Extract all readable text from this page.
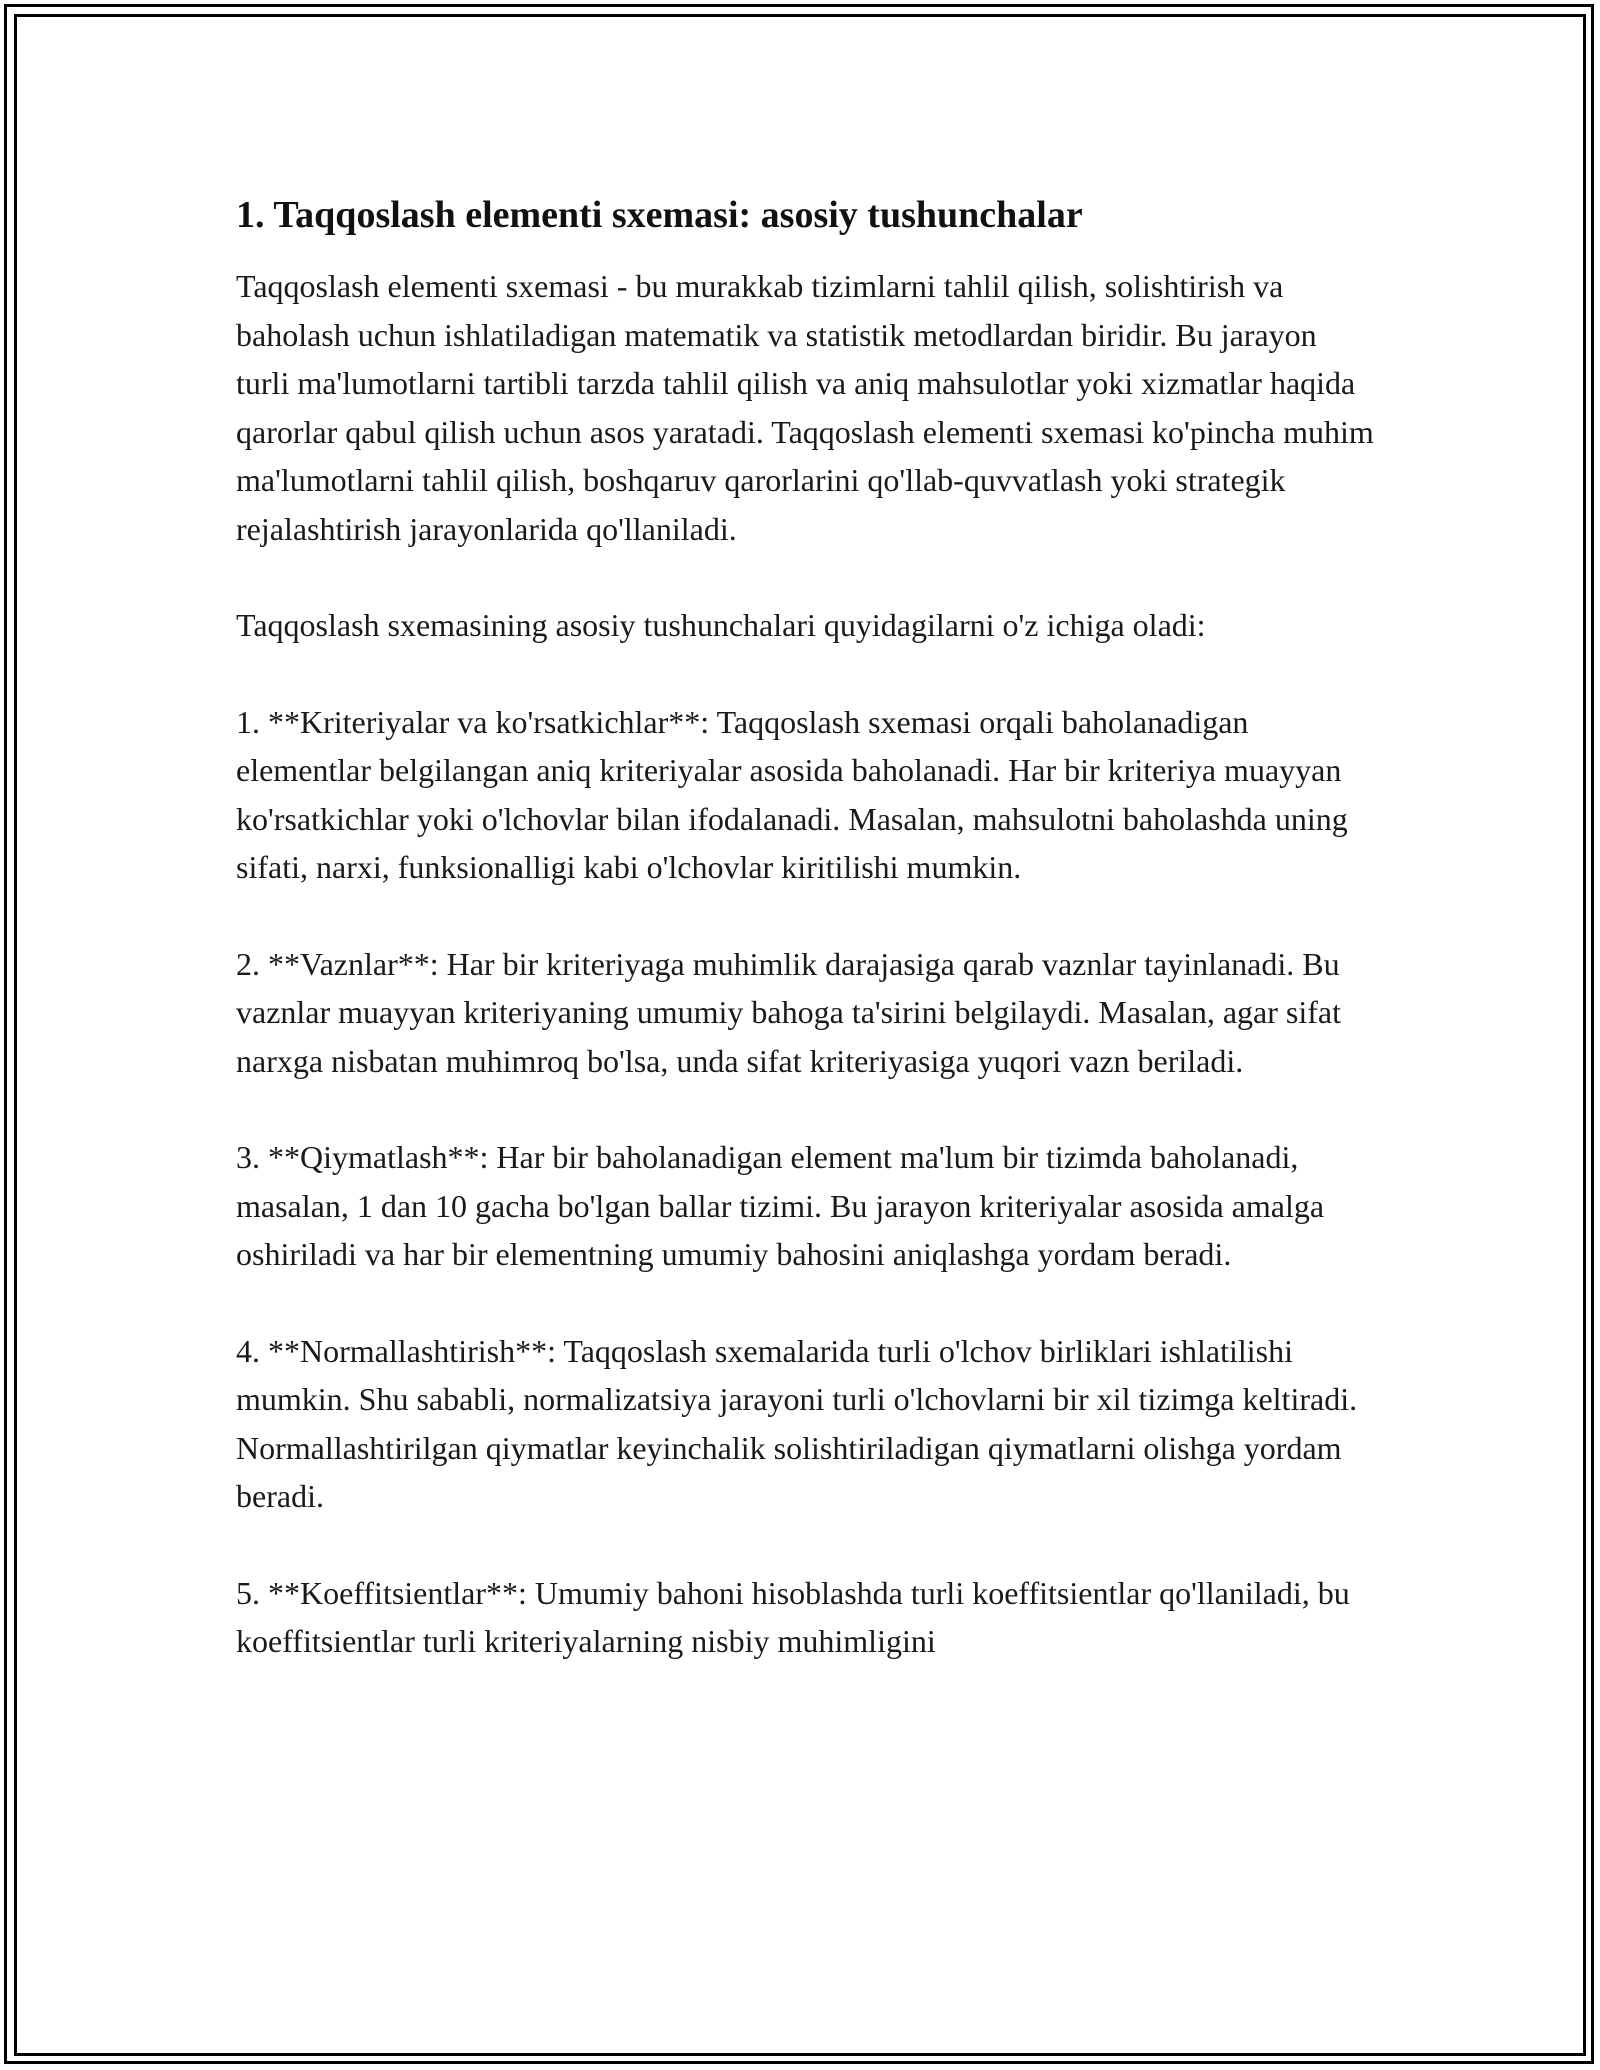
1. Taqqoslash elementi sxemasi: asosiy tushunchalar

Taqqoslash elementi sxemasi - bu murakkab tizimlarni tahlil qilish, solishtirish va baholash uchun ishlatiladigan matematik va statistik metodlardan biridir. Bu jarayon turli ma'lumotlarni tartibli tarzda tahlil qilish va aniq mahsulotlar yoki xizmatlar haqida qarorlar qabul qilish uchun asos yaratadi. Taqqoslash elementi sxemasi ko'pincha muhim ma'lumotlarni tahlil qilish, boshqaruv qarorlarini qo'llab-quvvatlash yoki strategik rejalashtirish jarayonlarida qo'llaniladi.

Taqqoslash sxemasining asosiy tushunchalari quyidagilarni o'z ichiga oladi:

1. **Kriteriyalar va ko'rsatkichlar**: Taqqoslash sxemasi orqali baholanadigan elementlar belgilangan aniq kriteriyalar asosida baholanadi. Har bir kriteriya muayyan ko'rsatkichlar yoki o'lchovlar bilan ifodalanadi. Masalan, mahsulotni baholashda uning sifati, narxi, funksionalligi kabi o'lchovlar kiritilishi mumkin.

2. **Vaznlar**: Har bir kriteriyaga muhimlik darajasiga qarab vaznlar tayinlanadi. Bu vaznlar muayyan kriteriyaning umumiy bahoga ta'sirini belgilaydi. Masalan, agar sifat narxga nisbatan muhimroq bo'lsa, unda sifat kriteriyasiga yuqori vazn beriladi.

3. **Qiymatlash**: Har bir baholanadigan element ma'lum bir tizimda baholanadi, masalan, 1 dan 10 gacha bo'lgan ballar tizimi. Bu jarayon kriteriyalar asosida amalga oshiriladi va har bir elementning umumiy bahosini aniqlashga yordam beradi.

4. **Normallashtirish**: Taqqoslash sxemalarida turli o'lchov birliklari ishlatilishi mumkin. Shu sababli, normalizatsiya jarayoni turli o'lchovlarni bir xil tizimga keltiradi. Normallashtirilgan qiymatlar keyinchalik solishtiriladigan qiymatlarni olishga yordam beradi.

5. **Koeffitsientlar**: Umumiy bahoni hisoblashda turli koeffitsientlar qo'llaniladi, bu koeffitsientlar turli kriteriyalarning nisbiy muhimligini
